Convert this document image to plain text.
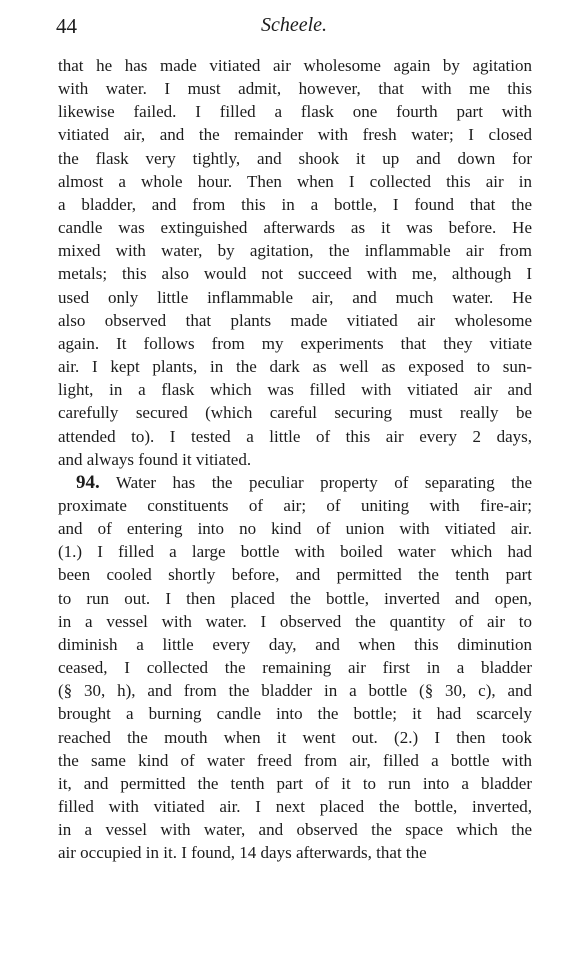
44	Scheele.
that he has made vitiated air wholesome again by agitation
with water. I must admit, however, that with me this
likewise failed. I filled a flask one fourth part with
vitiated air, and the remainder with fresh water; I closed
the flask very tightly, and shook it up and down for
almost a whole hour. Then when I collected this air in
a bladder, and from this in a bottle, I found that the
candle was extinguished afterwards as it was before. He
mixed with water, by agitation, the inflammable air from
metals; this also would not succeed with me, although I
used only little inflammable air, and much water. He
also observed that plants made vitiated air wholesome
again. It follows from my experiments that they vitiate
air. I kept plants, in the dark as well as exposed to sun-
light, in a flask which was filled with vitiated air and
carefully secured (which careful securing must really be
attended to). I tested a little of this air every 2 days,
and always found it vitiated.
94. Water has the peculiar property of separating the
proximate constituents of air; of uniting with fire-air;
and of entering into no kind of union with vitiated air.
(1.) I filled a large bottle with boiled water which had
been cooled shortly before, and permitted the tenth part
to run out. I then placed the bottle, inverted and open,
in a vessel with water. I observed the quantity of air to
diminish a little every day, and when this diminution
ceased, I collected the remaining air first in a bladder
(§ 30, h), and from the bladder in a bottle (§ 30, c), and
brought a burning candle into the bottle; it had scarcely
reached the mouth when it went out. (2.) I then took
the same kind of water freed from air, filled a bottle with
it, and permitted the tenth part of it to run into a bladder
filled with vitiated air. I next placed the bottle, inverted,
in a vessel with water, and observed the space which the
air occupied in it. I found, 14 days afterwards, that the
